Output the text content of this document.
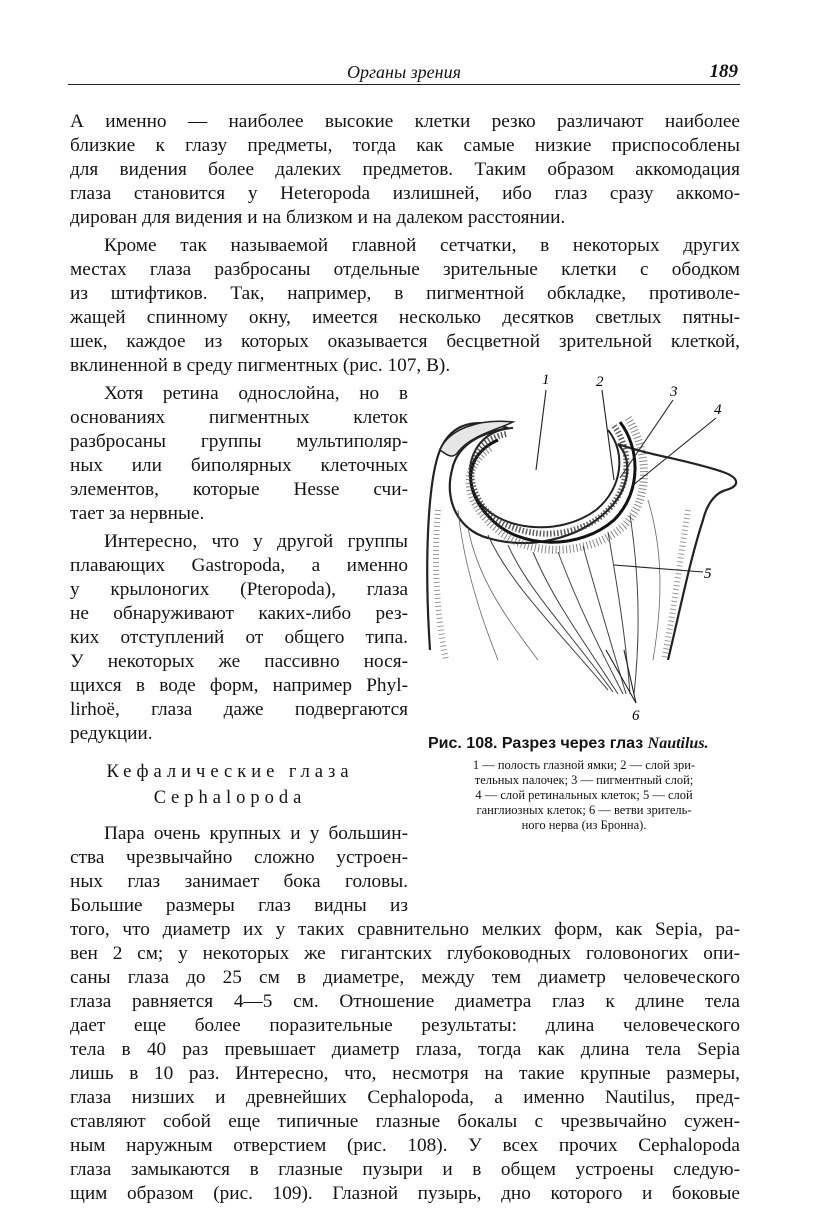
Органы зрения	189
А именно — наиболее высокие клетки резко различают наиболее
близкие к глазу предметы, тогда как самые низкие приспособлены
для видения более далеких предметов. Таким образом аккомодация
глаза становится у Heteropoda излишней, ибо глаз сразу аккомо-
дирован для видения и на близком и на далеком расстоянии.
Кроме так называемой главной сетчатки, в некоторых других
местах глаза разбросаны отдельные зрительные клетки с ободком
из штифтиков. Так, например, в пигментной обкладке, противоле-
жащей спинному окну, имеется несколько десятков светлых пятны-
шек, каждое из которых оказывается бесцветной зрительной клеткой,
вклиненной в среду пигментных (рис. 107, B).
Хотя ретина однослойна, но в
основаниях пигментных клеток
разбросаны группы мультиполяр-
ных или биполярных клеточных
элементов, которые Hesse счи-
тает за нервные.
Интересно, что у другой группы
плавающих Gastropoda, а именно
у крылоногих (Pteropoda), глаза
не обнаруживают каких-либо рез-
ких отступлений от общего типа.
У некоторых же пассивно нося-
щихся в воде форм, например Phyl-
lirhoë, глаза даже подвергаются
редукции.
Кефалические глаза
Cephalopoda
Пара очень крупных и у большин-
ства чрезвычайно сложно устроен-
ных глаз занимает бока головы.
Большие размеры глаз видны из
того, что диаметр их у таких сравнительно мелких форм, как Sepia, ра-
вен 2 см; у некоторых же гигантских глубоководных головоногих опи-
саны глаза до 25 см в диаметре, между тем диаметр человеческого
глаза равняется 4—5 см. Отношение диаметра глаз к длине тела
дает еще более поразительные результаты: длина человеческого
тела в 40 раз превышает диаметр глаза, тогда как длина тела Sepia
лишь в 10 раз. Интересно, что, несмотря на такие крупные размеры,
глаза низших и древнейших Cephalopoda, а именно Nautilus, пред-
ставляют собой еще типичные глазные бокалы с чрезвычайно сужен-
ным наружным отверстием (рис. 108). У всех прочих Cephalopoda
глаза замыкаются в глазные пузыри и в общем устроены следую-
щим образом (рис. 109). Глазной пузырь, дно которого и боковые
1	2
3
4
5
6
Рис. 108. Разрез через глаз Nautilus.
1 — полость глазной ямки; 2 — слой зри-
тельных палочек; 3 — пигментный слой;
4 — слой ретинальных клеток; 5 — слой
ганглиозных клеток; 6 — ветви зритель-
ного нерва (из Бронна).
